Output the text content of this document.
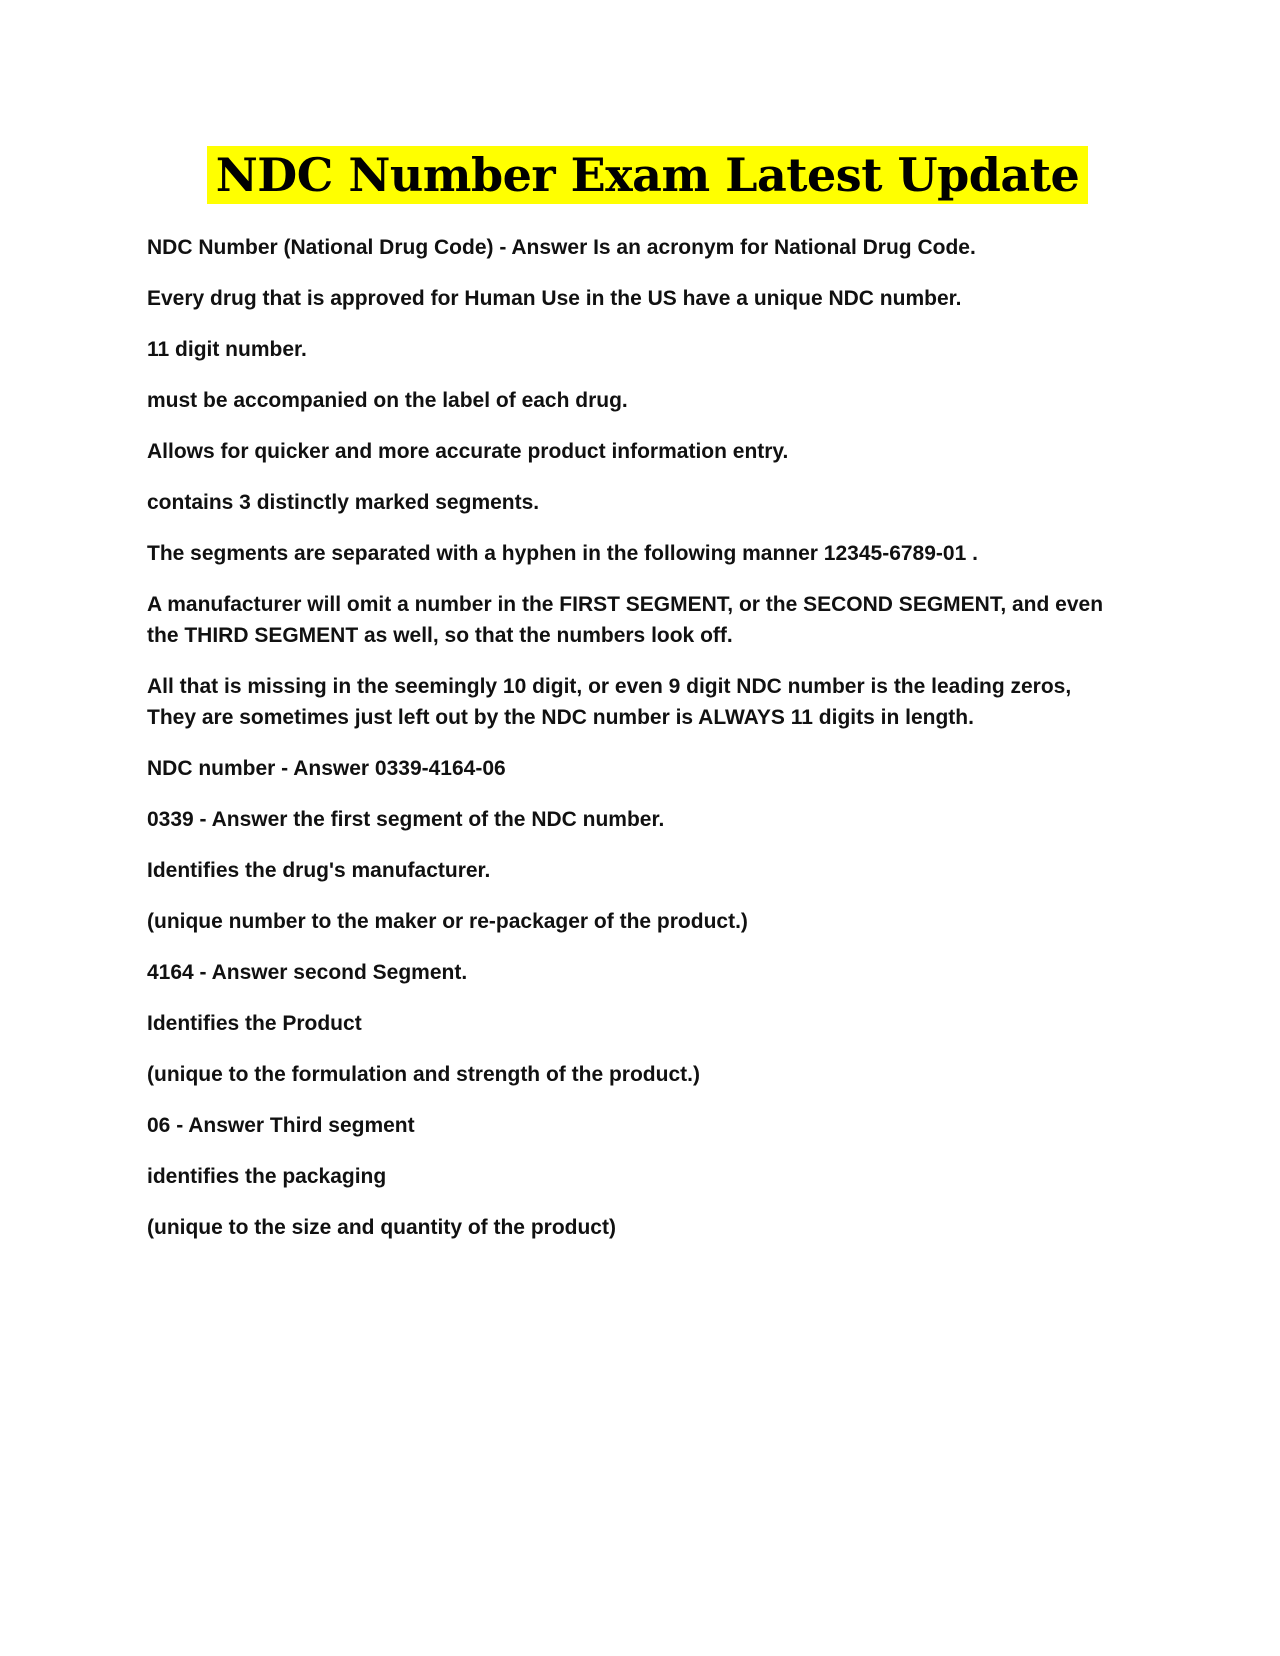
NDC Number Exam Latest Update

NDC Number (National Drug Code) - Answer Is an acronym for National Drug Code.

Every drug that is approved for Human Use in the US have a unique NDC number.

11 digit number.

must be accompanied on the label of each drug.

Allows for quicker and more accurate product information entry.

contains 3 distinctly marked segments.

The segments are separated with a hyphen in the following manner 12345-6789-01 .

A manufacturer will omit a number in the FIRST SEGMENT, or the SECOND SEGMENT, and even the THIRD SEGMENT as well, so that the numbers look off.

All that is missing in the seemingly 10 digit, or even 9 digit NDC number is the leading zeros, They are sometimes just left out by the NDC number is ALWAYS 11 digits in length.

NDC number - Answer 0339-4164-06

0339 - Answer the first segment of the NDC number.

Identifies the drug's manufacturer.

(unique number to the maker or re-packager of the product.)

4164 - Answer second Segment.

Identifies the Product

(unique to the formulation and strength of the product.)

06 - Answer Third segment

identifies the packaging

(unique to the size and quantity of the product)
